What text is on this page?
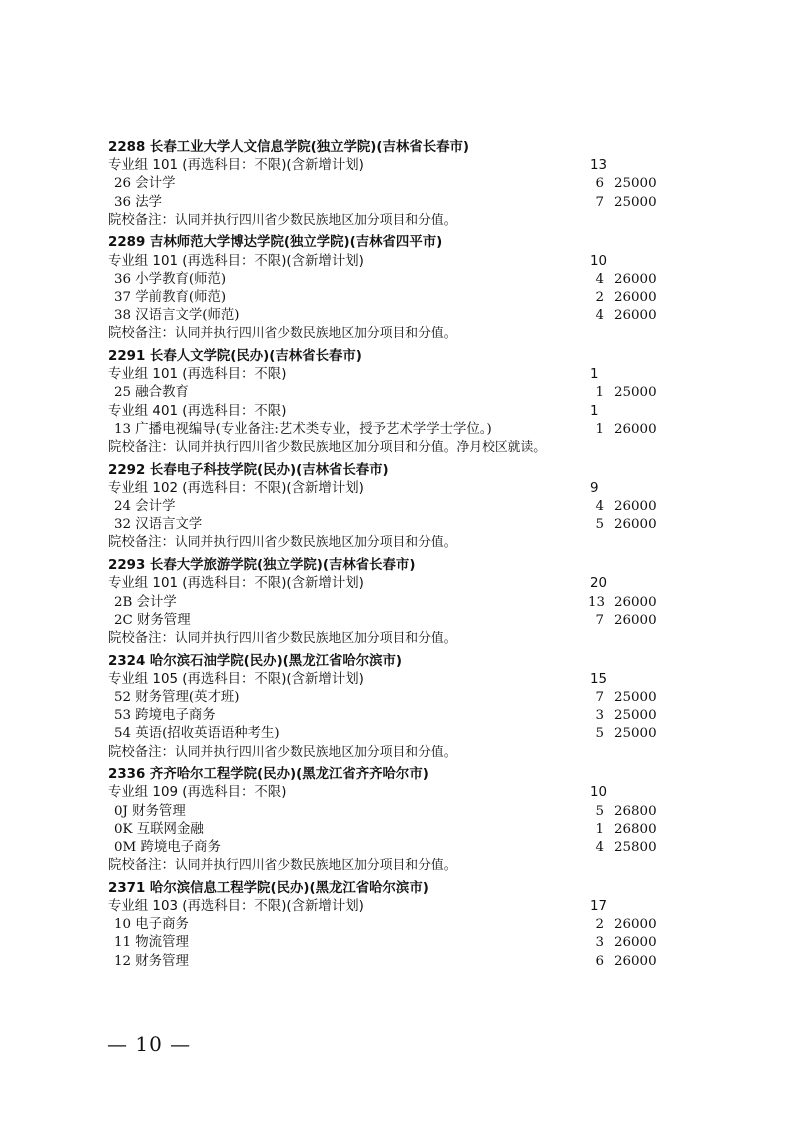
2288 长春工业大学人文信息学院(独立学院)(吉林省长春市)
专业组 101 (再选科目：不限)(含新增计划)	13
26 会计学	6 25000
36 法学	7 25000
院校备注：认同并执行四川省少数民族地区加分项目和分值。
2289 吉林师范大学博达学院(独立学院)(吉林省四平市)
专业组 101 (再选科目：不限)(含新增计划)	10
36 小学教育(师范)	4 26000
37 学前教育(师范)	2 26000
38 汉语言文学(师范)	4 26000
院校备注：认同并执行四川省少数民族地区加分项目和分值。
2291 长春人文学院(民办)(吉林省长春市)
专业组 101 (再选科目：不限)	1
25 融合教育	1 25000
专业组 401 (再选科目：不限)	1
13 广播电视编导(专业备注:艺术类专业，授予艺术学学士学位。)	1 26000
院校备注：认同并执行四川省少数民族地区加分项目和分值。净月校区就读。
2292 长春电子科技学院(民办)(吉林省长春市)
专业组 102 (再选科目：不限)(含新增计划)	9
24 会计学	4 26000
32 汉语言文学	5 26000
院校备注：认同并执行四川省少数民族地区加分项目和分值。
2293 长春大学旅游学院(独立学院)(吉林省长春市)
专业组 101 (再选科目：不限)(含新增计划)	20
2B 会计学	13 26000
2C 财务管理	7 26000
院校备注：认同并执行四川省少数民族地区加分项目和分值。
2324 哈尔滨石油学院(民办)(黑龙江省哈尔滨市)
专业组 105 (再选科目：不限)(含新增计划)	15
52 财务管理(英才班)	7 25000
53 跨境电子商务	3 25000
54 英语(招收英语语种考生)	5 25000
院校备注：认同并执行四川省少数民族地区加分项目和分值。
2336 齐齐哈尔工程学院(民办)(黑龙江省齐齐哈尔市)
专业组 109 (再选科目：不限)	10
0J 财务管理	5 26800
0K 互联网金融	1 26800
0M 跨境电子商务	4 25800
院校备注：认同并执行四川省少数民族地区加分项目和分值。
2371 哈尔滨信息工程学院(民办)(黑龙江省哈尔滨市)
专业组 103 (再选科目：不限)(含新增计划)	17
10 电子商务	2 26000
11 物流管理	3 26000
12 财务管理	6 26000
— 10 —
